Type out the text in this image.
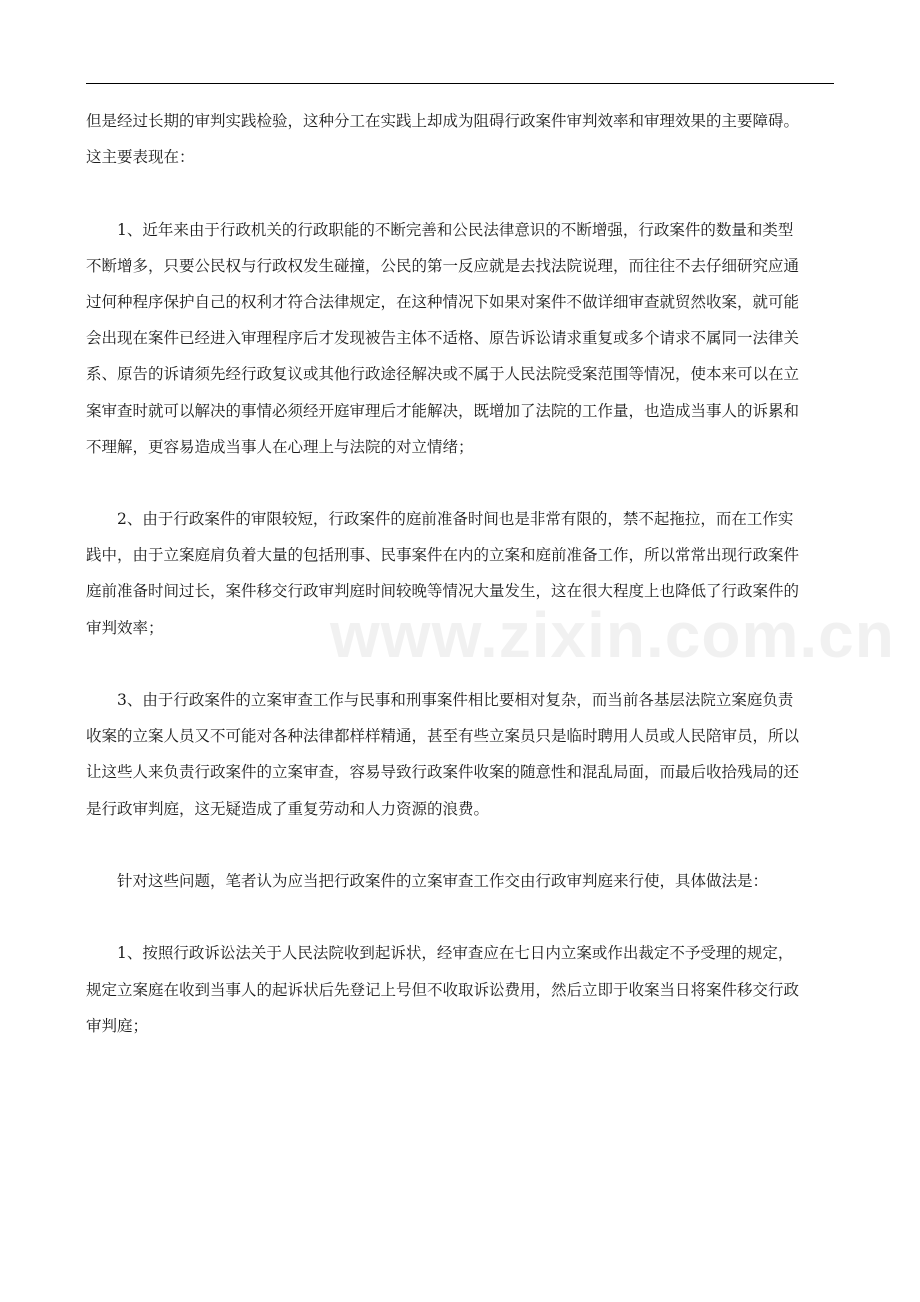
www.zixin.com.cn
但是经过长期的审判实践检验，这种分工在实践上却成为阻碍行政案件审判效率和审理效果的主要障碍。
这主要表现在：
1、近年来由于行政机关的行政职能的不断完善和公民法律意识的不断增强，行政案件的数量和类型
不断增多，只要公民权与行政权发生碰撞，公民的第一反应就是去找法院说理，而往往不去仔细研究应通
过何种程序保护自己的权利才符合法律规定，在这种情况下如果对案件不做详细审查就贸然收案，就可能
会出现在案件已经进入审理程序后才发现被告主体不适格、原告诉讼请求重复或多个请求不属同一法律关
系、原告的诉请须先经行政复议或其他行政途径解决或不属于人民法院受案范围等情况，使本来可以在立
案审查时就可以解决的事情必须经开庭审理后才能解决，既增加了法院的工作量，也造成当事人的诉累和
不理解，更容易造成当事人在心理上与法院的对立情绪；
2、由于行政案件的审限较短，行政案件的庭前准备时间也是非常有限的，禁不起拖拉，而在工作实
践中，由于立案庭肩负着大量的包括刑事、民事案件在内的立案和庭前准备工作，所以常常出现行政案件
庭前准备时间过长，案件移交行政审判庭时间较晚等情况大量发生，这在很大程度上也降低了行政案件的
审判效率；
3、由于行政案件的立案审查工作与民事和刑事案件相比要相对复杂，而当前各基层法院立案庭负责
收案的立案人员又不可能对各种法律都样样精通，甚至有些立案员只是临时聘用人员或人民陪审员，所以
让这些人来负责行政案件的立案审查，容易导致行政案件收案的随意性和混乱局面，而最后收拾残局的还
是行政审判庭，这无疑造成了重复劳动和人力资源的浪费。
针对这些问题，笔者认为应当把行政案件的立案审查工作交由行政审判庭来行使，具体做法是：
1、按照行政诉讼法关于人民法院收到起诉状，经审查应在七日内立案或作出裁定不予受理的规定，
规定立案庭在收到当事人的起诉状后先登记上号但不收取诉讼费用，然后立即于收案当日将案件移交行政
审判庭；
